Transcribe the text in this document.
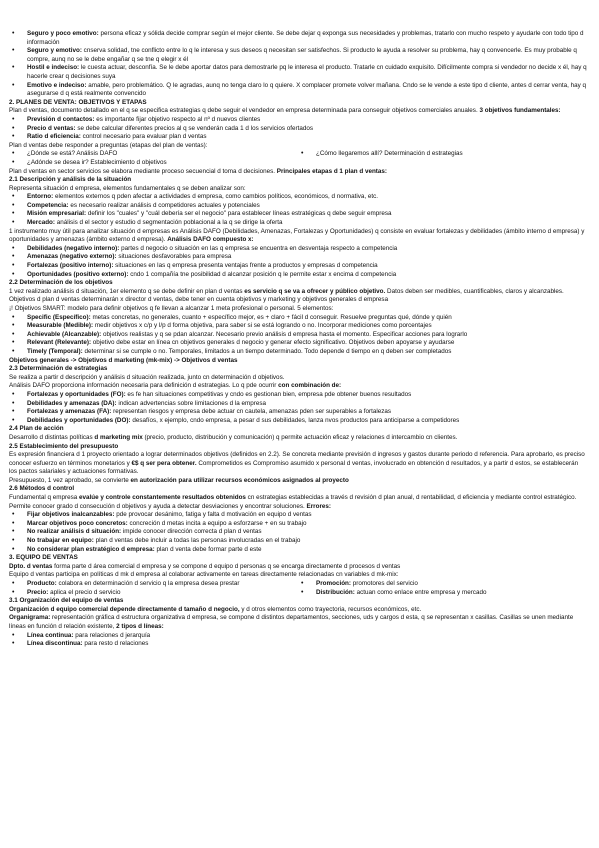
• Seguro y poco emotivo: persona eficaz y sólida decide comprar según el mejor cliente. Se debe dejar q exponga sus necesidades y problemas, tratarlo con mucho respeto y ayudarle con todo tipo d información
• Seguro y emotivo: cnserva solidad, tne conflicto entre lo q le interesa y sus deseos q necesitan ser satisfechos. Si producto le ayuda a resolver su problema, hay q convencerle. Es muy probable q compre, aunq no se le debe engañar q se tne q elegir x él
• Hostil e indeciso: le cuesta actuar, desconfía. Se le debe aportar datos para demostrarle pq le interesa el producto. Tratarle cn cuidado exquisito. Difícilmente compra si vendedor no decide x él, hay q hacerle crear q decisiones suya
• Emotivo e indeciso: amable, pero problemático. Q le agradas, aunq no tenga claro lo q quiere. X complacer promete volver mañana. Cndo se le vende a este tipo d cliente, antes d cerrar venta, hay q asegurarse d q está realmente convencido

2. PLANES DE VENTA: OBJETIVOS Y ETAPAS

Plan d ventas, documento detallado en el q se especifica estrategias q debe seguir el vendedor en empresa determinada para conseguir objetivos comerciales anuales. 3 objetivos fundamentales:

• Previsión d contactos: es importante fijar objetivo respecto al nº d nuevos clientes
• Precio d ventas: se debe calcular diferentes precios al q se venderán cada 1 d los servicios ofertados
• Ratio d eficiencia: control necesario para evaluar plan d ventas

Plan d ventas debe responder a preguntas (etapas del plan de ventas):

• ¿Dónde se está? Análisis DAFO
• ¿Adónde se desea ir? Establecimiento d objetivos
• ¿Cómo llegaremos allí? Determinación d estrategias

Plan d ventas en sector servicios se elabora mediante proceso secuencial d toma d decisiones. Principales etapas d 1 plan d ventas:

2.1 Descripción y análisis de la situación

Representa situación d empresa, elementos fundamentales q se deben analizar son:

• Entorno: elementos externos q pden afectar a actividades d empresa, como cambios políticos, económicos, d normativa, etc.
• Competencia: es necesario realizar análisis d competidores actuales y potenciales
• Misión empresarial: definir los "cuales" y "cuál debería ser el negocio" para establecer líneas estratégicas q debe seguir empresa
• Mercado: análisis d el sector y estudio d segmentación poblacional a la q se dirige la oferta

1 instrumento muy útil para analizar situación d empresas es Análisis DAFO (Debilidades, Amenazas, Fortalezas y Oportunidades) q consiste en evaluar fortalezas y debilidades (ámbito interno d empresa) y oportunidades y amenazas (ámbito externo d empresa). Análisis DAFO compuesto x:

• Debilidades (negativo interno): partes d negocio o situación en las q empresa se encuentra en desventaja respecto a competencia
• Amenazas (negativo externo): situaciones desfavorables para empresa
• Fortalezas (positivo interno): situaciones en las q empresa presenta ventajas frente a productos y empresas d competencia
• Oportunidades (positivo externo): cndo 1 compañía tne posibilidad d alcanzar posición q le permite estar x encima d competencia

2.2 Determinación de los objetivos

1 vez realizado análisis d situación, 1er elemento q se debe definir en plan d ventas es servicio q se va a ofrecer y público objetivo. Datos deben ser medibles, cuantificables, claros y alcanzables. Objetivos d plan d ventas determinarán x director d ventas, debe tener en cuenta objetivos y marketing y objetivos generales d empresa

¡! Objetivos SMART: modelo para definir objetivos q fe llevan a alcanzar 1 meta profesional o personal. 5 elementos:

• Specific (Específico): metas concretas, no generales, cuanto + específico mejor, es + claro + fácil d conseguir. Resuelve preguntas qué, dónde y quién
• Measurable (Medible): medir objetivos x c/p y l/p d forma objetiva, para saber si se está logrando o no. Incorporar mediciones como porcentajes
• Achievable (Alcanzable): objetivos realistas y q se pdan alcanzar. Necesario previo análisis d empresa hasta el momento. Especificar acciones para lograrlo
• Relevant (Relevante): objetivo debe estar en línea cn objetivos generales d negocio y generar efecto significativo. Objetivos deben apoyarse y ayudarse
• Timely (Temporal): determinar si se cumple o no. Temporales, limitados a un tiempo determinado. Todo depende d tiempo en q deben ser completados

Objetivos generales -> Objetivos d marketing (mk-mix) -> Objetivos d ventas

2.3 Determinación de estrategias

Se realiza a partir d descripción y análisis d situación realizada, junto cn determinación d objetivos.

Análisis DAFO proporciona información necesaria para definición d estrategias. Lo q pde ocurrir con combinación de:

• Fortalezas y oportunidades (FO): es fe han situaciones competitivas y cndo es gestionan bien, empresa pde obtener buenos resultados
• Debilidades y amenazas (DA): indican advertencias sobre limitaciones d la empresa
• Fortalezas y amenazas (FA): representan riesgos y empresa debe actuar cn cautela, amenazas pden ser superables a fortalezas
• Debilidades y oportunidades (DO): desafíos, x ejemplo, cndo empresa, a pesar d sus debilidades, lanza nvos productos para anticiparse a competidores

2.4 Plan de acción

Desarrollo d distintas políticas d marketing mix (precio, producto, distribución y comunicación) q permite actuación eficaz y relaciones d intercambio cn clientes.

2.5 Establecimiento del presupuesto

Es expresión financiera d 1 proyecto orientado a lograr determinados objetivos (definidos en 2.2). Se concreta mediante previsión d ingresos y gastos durante periodo d referencia. Para aprobarlo, es preciso conocer esfuerzo en términos monetarios y €$ q ser pera obtener. Comprometidos es Compromiso asumido x personal d ventas, involucrado en obtención d resultados, y a partir d estos, se establecerán los pactos salariales y actuaciones formativas.

Presupuesto, 1 vez aprobado, se convierte en autorización para utilizar recursos económicos asignados al proyecto

2.6 Métodos d control

Fundamental q empresa evalúe y controle constantemente resultados obtenidos cn estrategias establecidas a través d revisión d plan anual, d rentabilidad, d eficiencia y mediante control estratégico. Permite conocer grado d consecución d objetivos y ayuda a detectar desviaciones y encontrar soluciones. Errores:

• Fijar objetivos inalcanzables: pde provocar desánimo, fatiga y falta d motivación en equipo d ventas
• Marcar objetivos poco concretos: concreción d metas incita a equipo a esforzarse + en su trabajo
• No realizar análisis d situación: impide conocer dirección correcta d plan d ventas
• No trabajar en equipo: plan d ventas debe incluir a todas las personas involucradas en el trabajo
• No considerar plan estratégico d empresa: plan d venta debe formar parte d este

3. EQUIPO DE VENTAS

Dpto. d ventas forma parte d área comercial d empresa y se compone d equipo d personas q se encarga directamente d procesos d ventas

Equipo d ventas participa en políticas d mk d empresa al colaborar activamente en tareas directamente relacionadas cn variables d mk-mix:

• Producto: colabora en determinación d servicio q la empresa desea prestar
• Precio: aplica el precio d servicio
• Promoción: promotores del servicio
• Distribución: actuan como enlace entre empresa y mercado

3.1 Organización del equipo de ventas

Organización d equipo comercial depende directamente d tamaño d negocio, y d otros elementos como trayectoria, recursos económicos, etc.

Organigrama: representación gráfica d estructura organizativa d empresa, se compone d distintos departamentos, secciones, uds y cargos d esta, q se representan x casillas. Casillas se unen mediante líneas en función d relación existente, 2 tipos d líneas:

• Línea continua: para relaciones d jerarquía
• Línea discontinua: para resto d relaciones
